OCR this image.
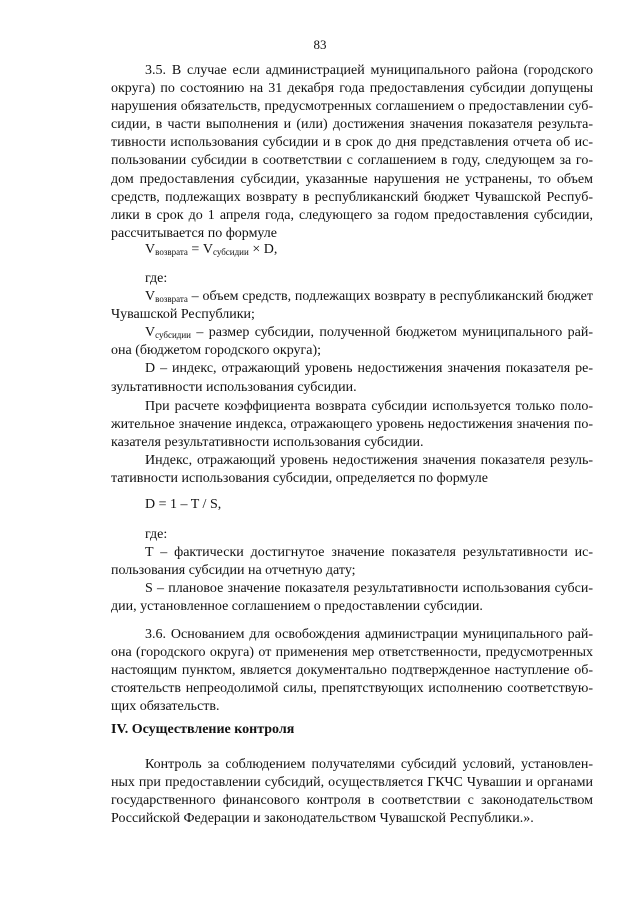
83

3.5. В случае если администрацией муниципального района (городского округа) по состоянию на 31 декабря года предоставления субсидии допущены нарушения обязательств, предусмотренных соглашением о предоставлении субсидии, в части выполнения и (или) достижения значения показателя результативности использования субсидии и в срок до дня представления отчета об использовании субсидии в соответствии с соглашением в году, следующем за годом предоставления субсидии, указанные нарушения не устранены, то объем средств, подлежащих возврату в республиканский бюджет Чувашской Республики в срок до 1 апреля года, следующего за годом предоставления субсидии, рассчитывается по формуле

$V_{возврата} = V_{субсидии} \times D$,

где:

$V_{возврата}$ – объем средств, подлежащих возврату в республиканский бюджет Чувашской Республики;

$V_{субсидии}$ – размер субсидии, полученной бюджетом муниципального района (бюджетом городского округа);

D – индекс, отражающий уровень недостижения значения показателя результативности использования субсидии.

При расчете коэффициента возврата субсидии используется только положительное значение индекса, отражающего уровень недостижения значения показателя результативности использования субсидии.

Индекс, отражающий уровень недостижения значения показателя результативности использования субсидии, определяется по формуле

D = 1 – T / S,

где:

T – фактически достигнутое значение показателя результативности использования субсидии на отчетную дату;

S – плановое значение показателя результативности использования субсидии, установленное соглашением о предоставлении субсидии.

3.6. Основанием для освобождения администрации муниципального района (городского округа) от применения мер ответственности, предусмотренных настоящим пунктом, является документально подтвержденное наступление обстоятельств непреодолимой силы, препятствующих исполнению соответствующих обязательств.

IV. Осуществление контроля

Контроль за соблюдением получателями субсидий условий, установленных при предоставлении субсидий, осуществляется ГКЧС Чувашии и органами государственного финансового контроля в соответствии с законодательством Российской Федерации и законодательством Чувашской Республики.».
